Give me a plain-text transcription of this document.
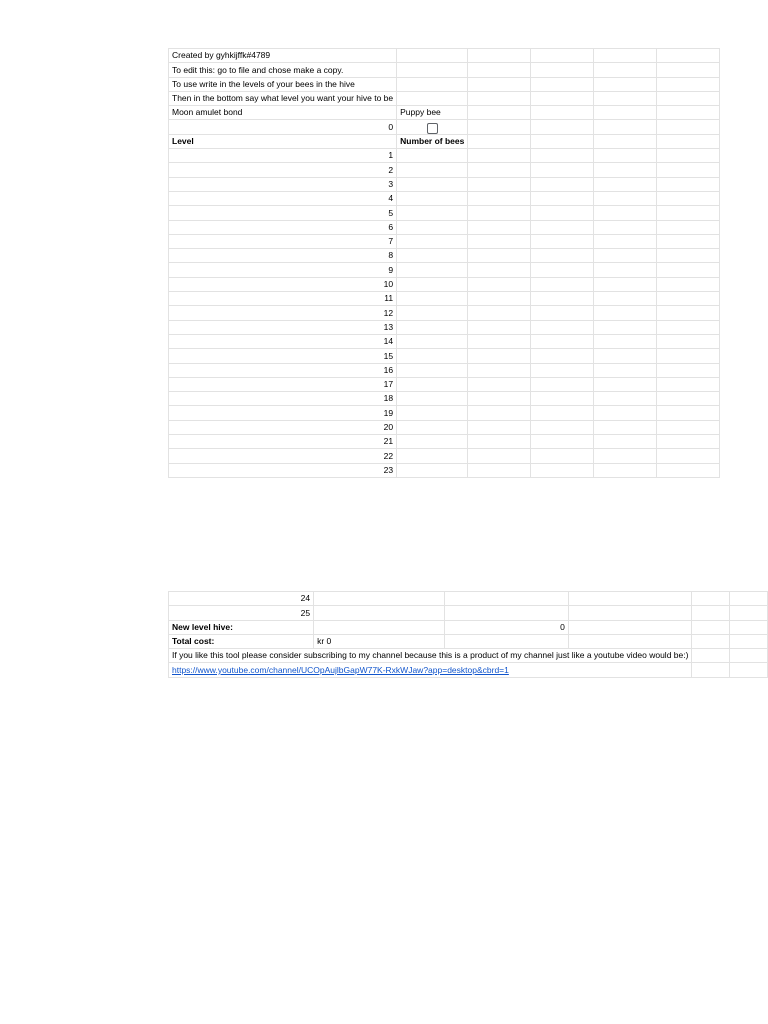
Created by gyhkijffk#4789					
To edit this: go to file and chose make a copy.					
To use write in the levels of your bees in the hive					
Then in the bottom say what level you want your hive to be					
Moon amulet bond	Puppy bee				
0					
Level	Number of bees				
1					
2					
3					
4					
5					
6					
7					
8					
9					
10					
11					
12					
13					
14					
15					
16					
17					
18					
19					
20					
21					
22					
23					
24					
25					
New level hive:		0			
Total cost:	kr 0				
If you like this tool please consider subscribing to my channel because this is a product of my channel just like a youtube video would be:)					
https://www.youtube.com/channel/UCOpAujlbGapW77K-RxkWJaw?app=desktop&cbrd=1					
